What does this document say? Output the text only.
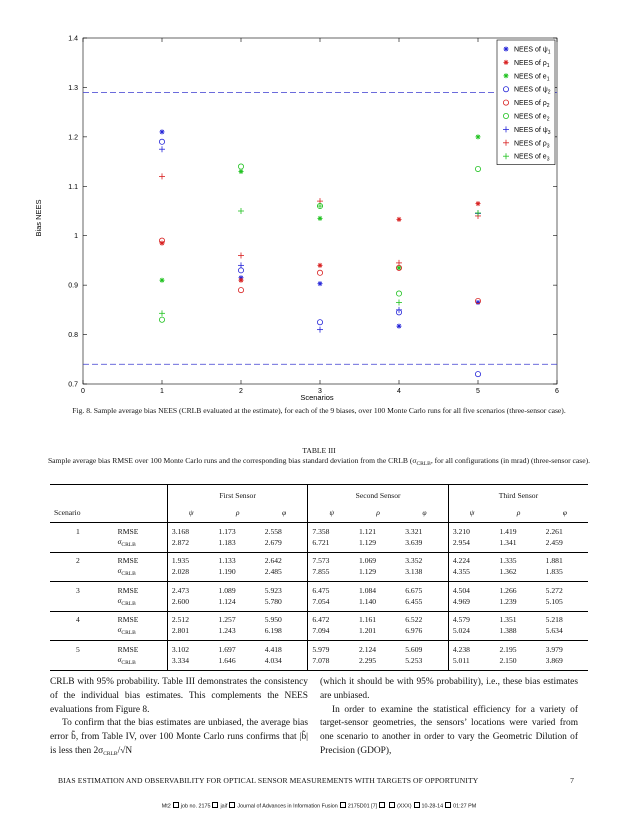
0	1	2	3	4	5	6
0.7
0.8
0.9
1
1.1
1.2
1.3
1.4
Scenarios
Bias NEES
NEES of $\psi_1$
NEES of $\rho_1$
NEES of $e_1$
NEES of $\psi_2$
NEES of $\rho_2$
NEES of $e_2$
NEES of $\psi_3$
NEES of $\rho_3$
NEES of $e_3$
Fig. 8. Sample average bias NEES (CRLB evaluated at the estimate), for each of the 9 biases, over 100 Monte Carlo runs for all five scenarios (three-sensor case).
TABLE III
Sample average bias RMSE over 100 Monte Carlo runs and the corresponding bias standard deviation from the CRLB ($\sigma_{CRLB}$, for all configurations (in mrad) (three-sensor case).
		First Sensor			Second Sensor			Third Sensor		
Scenario		ψ	ρ	φ	ψ	ρ	φ	ψ	ρ	φ
1	RMSE	3.168	1.173	2.558	7.358	1.121	3.321	3.210	1.419	2.261
	$\sigma_{CRLB}$	2.872	1.183	2.679	6.721	1.129	3.639	2.954	1.341	2.459
2	RMSE	1.935	1.133	2.642	7.573	1.069	3.352	4.224	1.335	1.881
	$\sigma_{CRLB}$	2.028	1.190	2.485	7.855	1.129	3.138	4.355	1.362	1.835
3	RMSE	2.473	1.089	5.923	6.475	1.084	6.675	4.504	1.266	5.272
	$\sigma_{CRLB}$	2.600	1.124	5.780	7.054	1.140	6.455	4.969	1.239	5.105
4	RMSE	2.512	1.257	5.950	6.472	1.161	6.522	4.579	1.351	5.218
	$\sigma_{CRLB}$	2.801	1.243	6.198	7.094	1.201	6.976	5.024	1.388	5.634
5	RMSE	3.102	1.697	4.418	5.979	2.124	5.609	4.238	2.195	3.979
	$\sigma_{CRLB}$	3.334	1.646	4.034	7.078	2.295	5.253	5.011	2.150	3.869

CRLB with 95% probability. Table III demonstrates the consistency of the individual bias estimates. This complements the NEES evaluations from Figure 8.

To confirm that the bias estimates are unbiased, the average bias error b̃̄, from Table IV, over 100 Monte Carlo runs confirms that |b̃̄| is less then $2\sigma_{CRLB}/√N$

(which it should be with 95% probability), i.e., these bias estimates are unbiased.

In order to examine the statistical efficiency for a variety of target-sensor geometries, the sensors’ locations were varied from one scenario to another in order to vary the Geometric Dilution of Precision (GDOP),

BIAS ESTIMATION AND OBSERVABILITY FOR OPTICAL SENSOR MEASUREMENTS WITH TARGETS OF OPPORTUNITY	7
Mt2 job no. 2175 jaif Journal of Advances in Information Fusion 2175D01 [7]	(XXX) 10-28-14 01:27 PM
